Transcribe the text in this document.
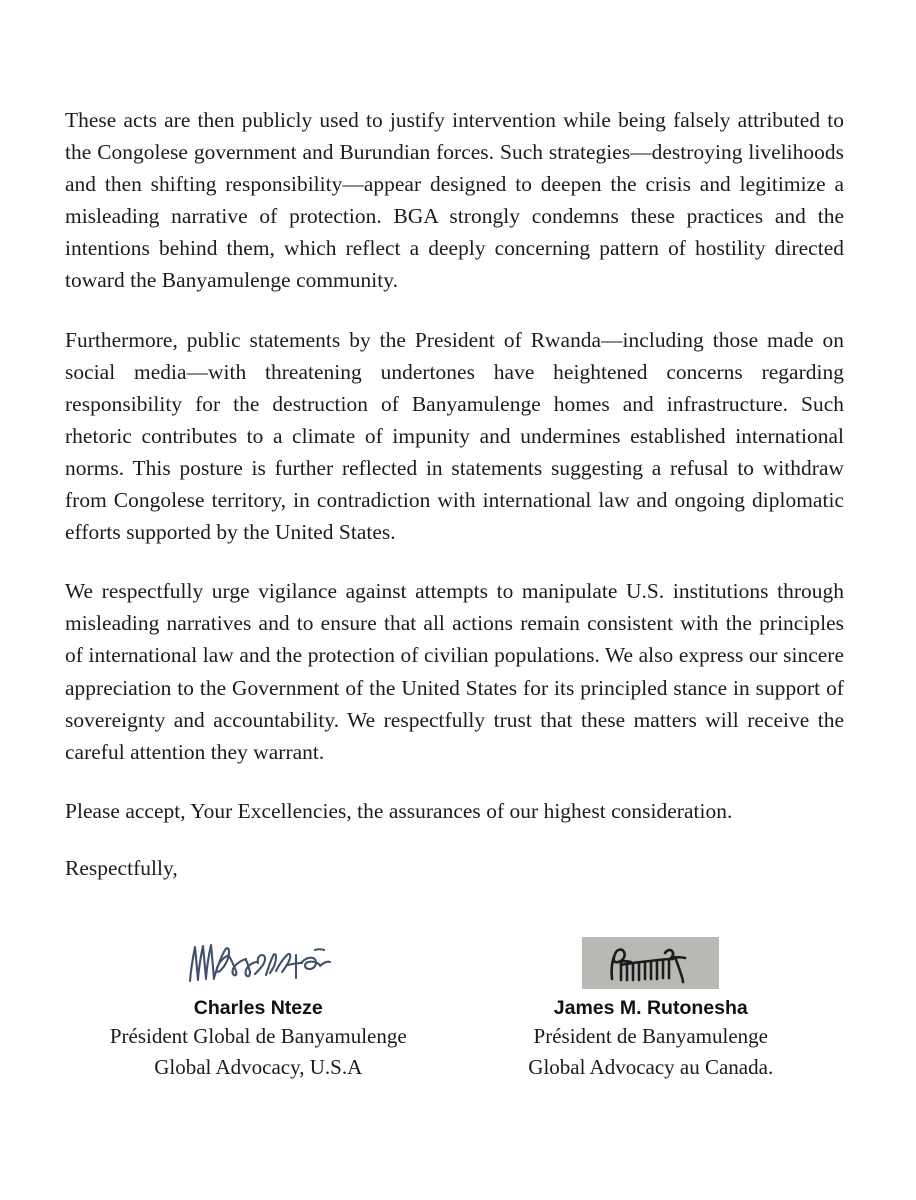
These acts are then publicly used to justify intervention while being falsely attributed to the Congolese government and Burundian forces. Such strategies—destroying livelihoods and then shifting responsibility—appear designed to deepen the crisis and legitimize a misleading narrative of protection. BGA strongly condemns these practices and the intentions behind them, which reflect a deeply concerning pattern of hostility directed toward the Banyamulenge community.

Furthermore, public statements by the President of Rwanda—including those made on social media—with threatening undertones have heightened concerns regarding responsibility for the destruction of Banyamulenge homes and infrastructure. Such rhetoric contributes to a climate of impunity and undermines established international norms. This posture is further reflected in statements suggesting a refusal to withdraw from Congolese territory, in contradiction with international law and ongoing diplomatic efforts supported by the United States.

We respectfully urge vigilance against attempts to manipulate U.S. institutions through misleading narratives and to ensure that all actions remain consistent with the principles of international law and the protection of civilian populations. We also express our sincere appreciation to the Government of the United States for its principled stance in support of sovereignty and accountability. We respectfully trust that these matters will receive the careful attention they warrant.

Please accept, Your Excellencies, the assurances of our highest consideration.

Respectfully,

Charles Nteze
Président Global de Banyamulenge
Global Advocacy, U.S.A
James M. Rutonesha
Président de Banyamulenge
Global Advocacy au Canada.
